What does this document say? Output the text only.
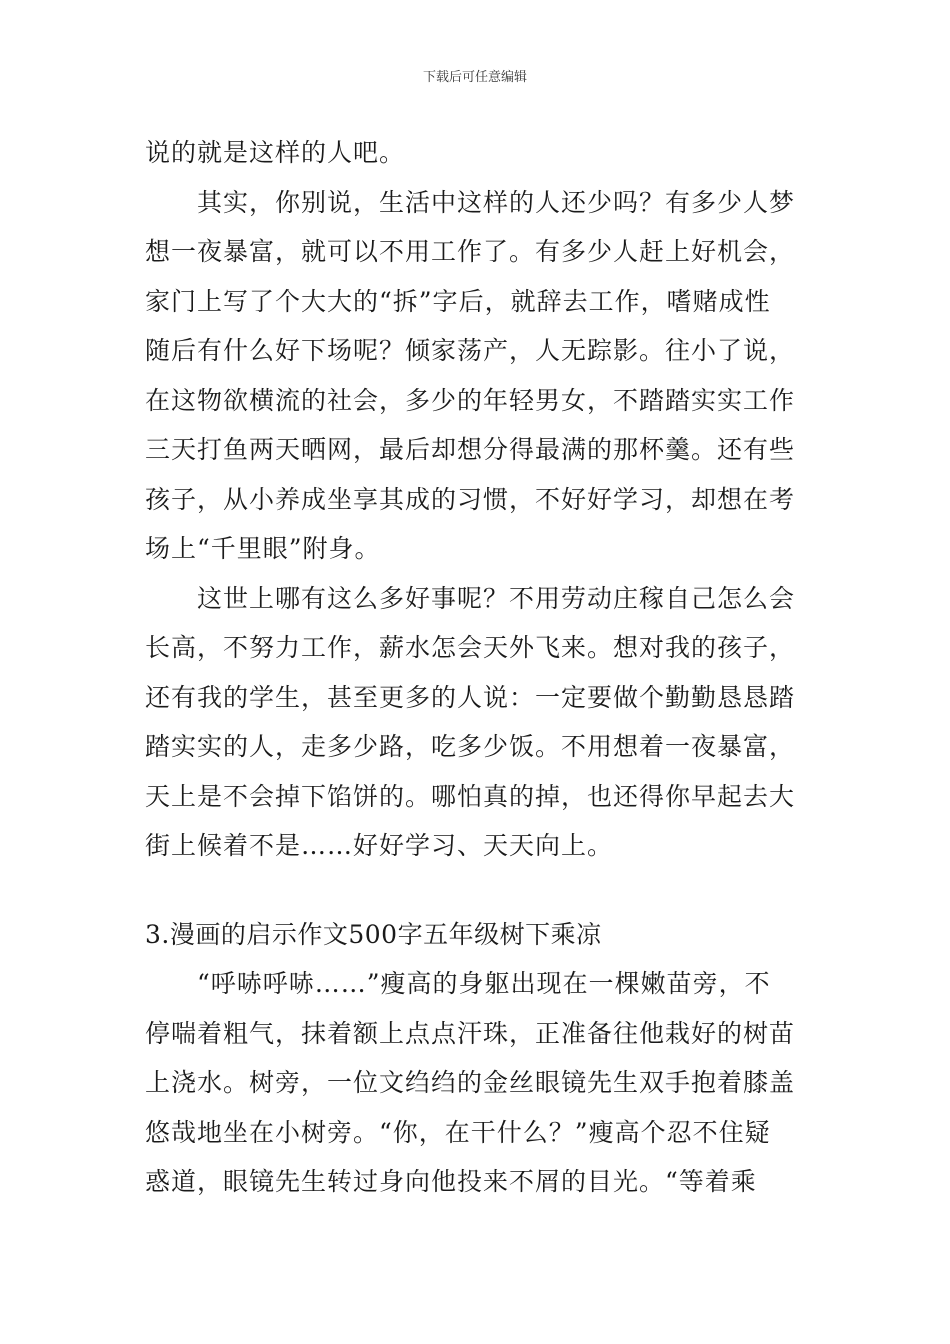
下载后可任意编辑
说的就是这样的人吧。
其实，你别说，生活中这样的人还少吗？有多少人梦
想一夜暴富，就可以不用工作了。有多少人赶上好机会，
家门上写了个大大的“拆”字后，就辞去工作，嗜赌成性
随后有什么好下场呢？倾家荡产，人无踪影。往小了说，
在这物欲横流的社会，多少的年轻男女，不踏踏实实工作
三天打鱼两天晒网，最后却想分得最满的那杯羹。还有些
孩子，从小养成坐享其成的习惯，不好好学习，却想在考
场上“千里眼”附身。
这世上哪有这么多好事呢？不用劳动庄稼自己怎么会
长高，不努力工作，薪水怎会天外飞来。想对我的孩子，
还有我的学生，甚至更多的人说：一定要做个勤勤恳恳踏
踏实实的人，走多少路，吃多少饭。不用想着一夜暴富，
天上是不会掉下馅饼的。哪怕真的掉，也还得你早起去大
街上候着不是……好好学习、天天向上。
3.漫画的启示作文500字五年级树下乘凉
“呼哧呼哧……”瘦高的身躯出现在一棵嫩苗旁，不
停喘着粗气，抹着额上点点汗珠，正准备往他栽好的树苗
上浇水。树旁，一位文绉绉的金丝眼镜先生双手抱着膝盖
悠哉地坐在小树旁。“你，在干什么？”瘦高个忍不住疑
惑道，眼镜先生转过身向他投来不屑的目光。“等着乘
